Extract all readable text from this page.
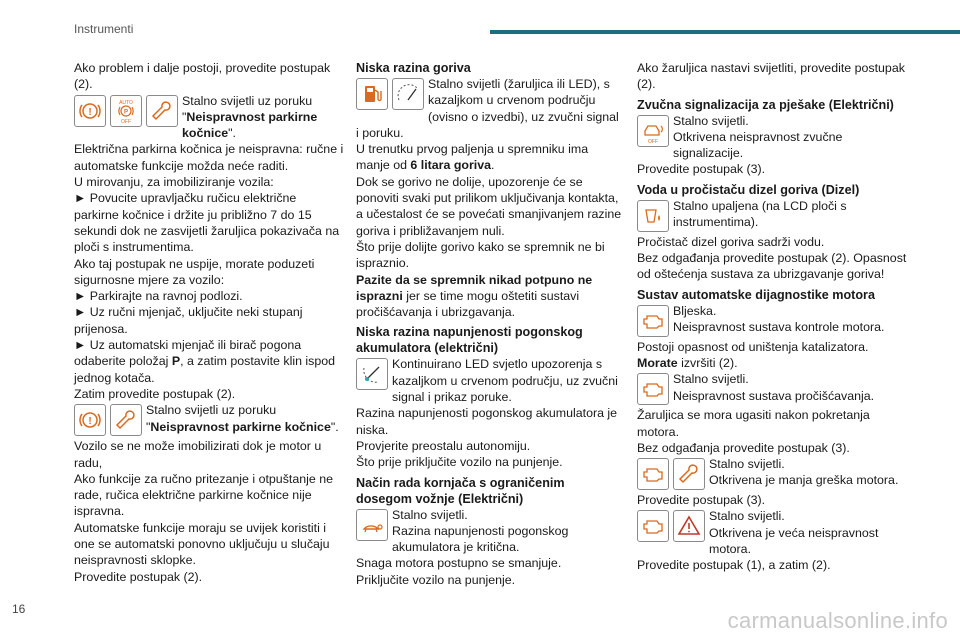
Instrumenti

Ako problem i dalje postoji, provedite postupak (2).

!
AUTO
P
OFF
Stalno svijetli uz poruku "Neispravnost parkirne kočnice".

Električna parkirna kočnica je neispravna: ručne i automatske funkcije možda neće raditi.

U mirovanju, za imobiliziranje vozila:

► Povucite upravljačku ručicu električne parkirne kočnice i držite ju približno 7 do 15 sekundi dok ne zasvijetli žaruljica pokazivača na ploči s instrumentima.

Ako taj postupak ne uspije, morate poduzeti sigurnosne mjere za vozilo:

► Parkirajte na ravnoj podlozi.

► Uz ručni mjenjač, uključite neki stupanj prijenosa.

► Uz automatski mjenjač ili birač pogona odaberite položaj P, a zatim postavite klin ispod jednog kotača.

Zatim provedite postupak (2).

!
Stalno svijetli uz poruku "Neispravnost parkirne kočnice".

Vozilo se ne može imobilizirati dok je motor u radu,

Ako funkcije za ručno pritezanje i otpuštanje ne rade, ručica električne parkirne kočnice nije ispravna.

Automatske funkcije moraju se uvijek koristiti i one se automatski ponovno uključuju u slučaju neispravnosti sklopke.

Provedite postupak (2).

Niska razina goriva
Stalno svijetli (žaruljica ili LED), s kazaljkom u crvenom području (ovisno o izvedbi), uz zvučni signal i poruku.

U trenutku prvog paljenja u spremniku ima manje od 6 litara goriva.

Dok se gorivo ne dolije, upozorenje će se ponoviti svaki put prilikom uključivanja kontakta, a učestalost će se povećati smanjivanjem razine goriva i približavanjem nuli.

Što prije dolijte gorivo kako se spremnik ne bi ispraznio.

Pazite da se spremnik nikad potpuno ne isprazni jer se time mogu oštetiti sustavi pročišćavanja i ubrizgavanja.

Niska razina napunjenosti pogonskog akumulatora (električni)
Kontinuirano LED svjetlo upozorenja s kazaljkom u crvenom području, uz zvučni signal i prikaz poruke.

Razina napunjenosti pogonskog akumulatora je niska.

Provjerite preostalu autonomiju.

Što prije priključite vozilo na punjenje.

Način rada kornjača s ograničenim dosegom vožnje (Električni)
Stalno svijetli.
Razina napunjenosti pogonskog akumulatora je kritična.

Snaga motora postupno se smanjuje.

Priključite vozilo na punjenje.

Ako žaruljica nastavi svijetliti, provedite postupak (2).

Zvučna signalizacija za pješake (Električni)
OFF
Stalno svijetli.
Otkrivena neispravnost zvučne signalizacije.

Provedite postupak (3).

Voda u pročistaču dizel goriva (Dizel)
Stalno upaljena (na LCD ploči s instrumentima).

Pročistač dizel goriva sadrži vodu.

Bez odgađanja provedite postupak (2). Opasnost od oštećenja sustava za ubrizgavanje goriva!

Sustav automatske dijagnostike motora
Bljeska.
Neispravnost sustava kontrole motora.

Postoji opasnost od uništenja katalizatora.

Morate izvršiti (2).

Stalno svijetli.
Neispravnost sustava pročišćavanja.

Žaruljica se mora ugasiti nakon pokretanja motora.

Bez odgađanja provedite postupak (3).

Stalno svijetli.
Otkrivena je manja greška motora.

Provedite postupak (3).

Stalno svijetli.
Otkrivena je veća neispravnost motora.

Provedite postupak (1), a zatim (2).

16	carmanualsonline.info
